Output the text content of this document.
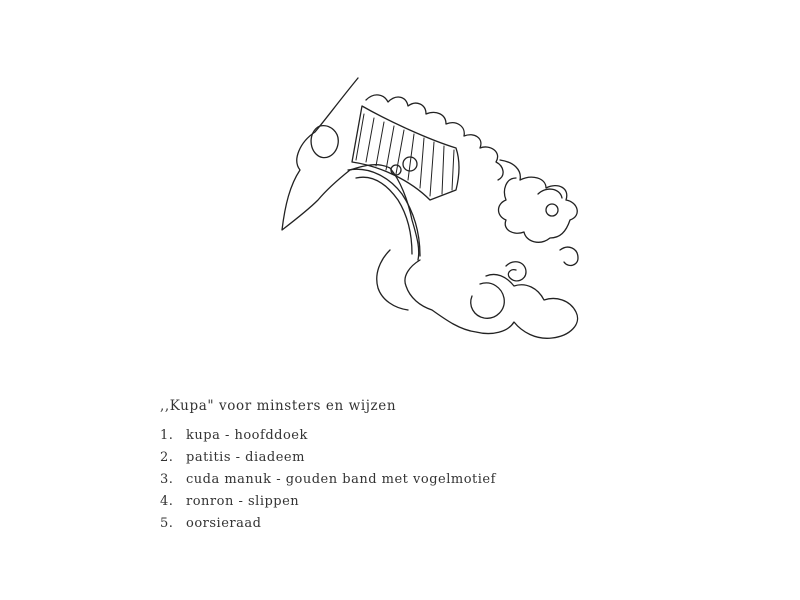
,,Kupa" voor minsters en wijzen
1. kupa - hoofddoek
2. patitis - diadeem
3. cuda manuk - gouden band met vogelmotief
4. ronron - slippen
5. oorsieraad
